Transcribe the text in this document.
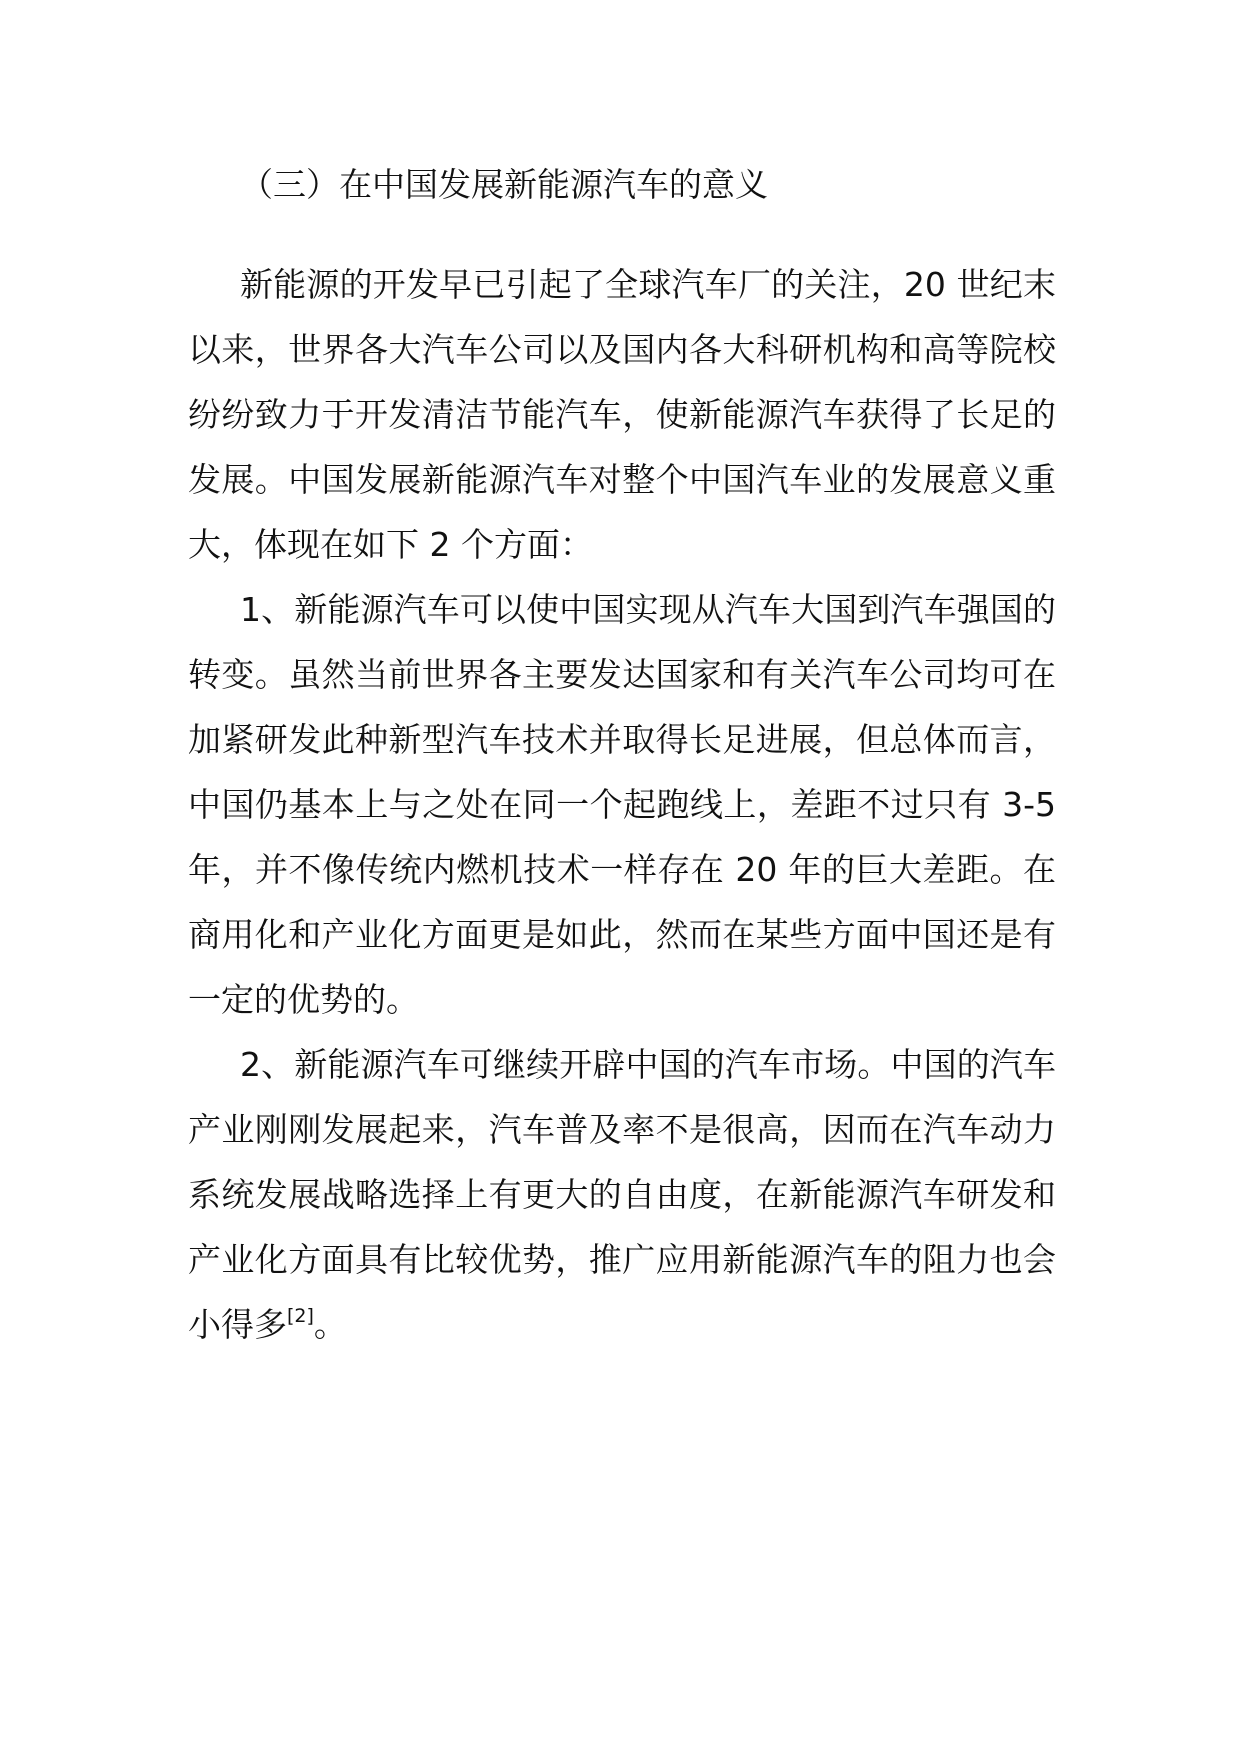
（三）在中国发展新能源汽车的意义

新能源的开发早已引起了全球汽车厂的关注，20 世纪末以来，世界各大汽车公司以及国内各大科研机构和高等院校纷纷致力于开发清洁节能汽车，使新能源汽车获得了长足的发展。中国发展新能源汽车对整个中国汽车业的发展意义重大，体现在如下 2 个方面：

1、新能源汽车可以使中国实现从汽车大国到汽车强国的转变。虽然当前世界各主要发达国家和有关汽车公司均可在加紧研发此种新型汽车技术并取得长足进展，但总体而言，中国仍基本上与之处在同一个起跑线上，差距不过只有 3-5 年，并不像传统内燃机技术一样存在 20 年的巨大差距。在商用化和产业化方面更是如此，然而在某些方面中国还是有一定的优势的。

2、新能源汽车可继续开辟中国的汽车市场。中国的汽车产业刚刚发展起来，汽车普及率不是很高，因而在汽车动力系统发展战略选择上有更大的自由度，在新能源汽车研发和产业化方面具有比较优势，推广应用新能源汽车的阻力也会小得多[2]。
